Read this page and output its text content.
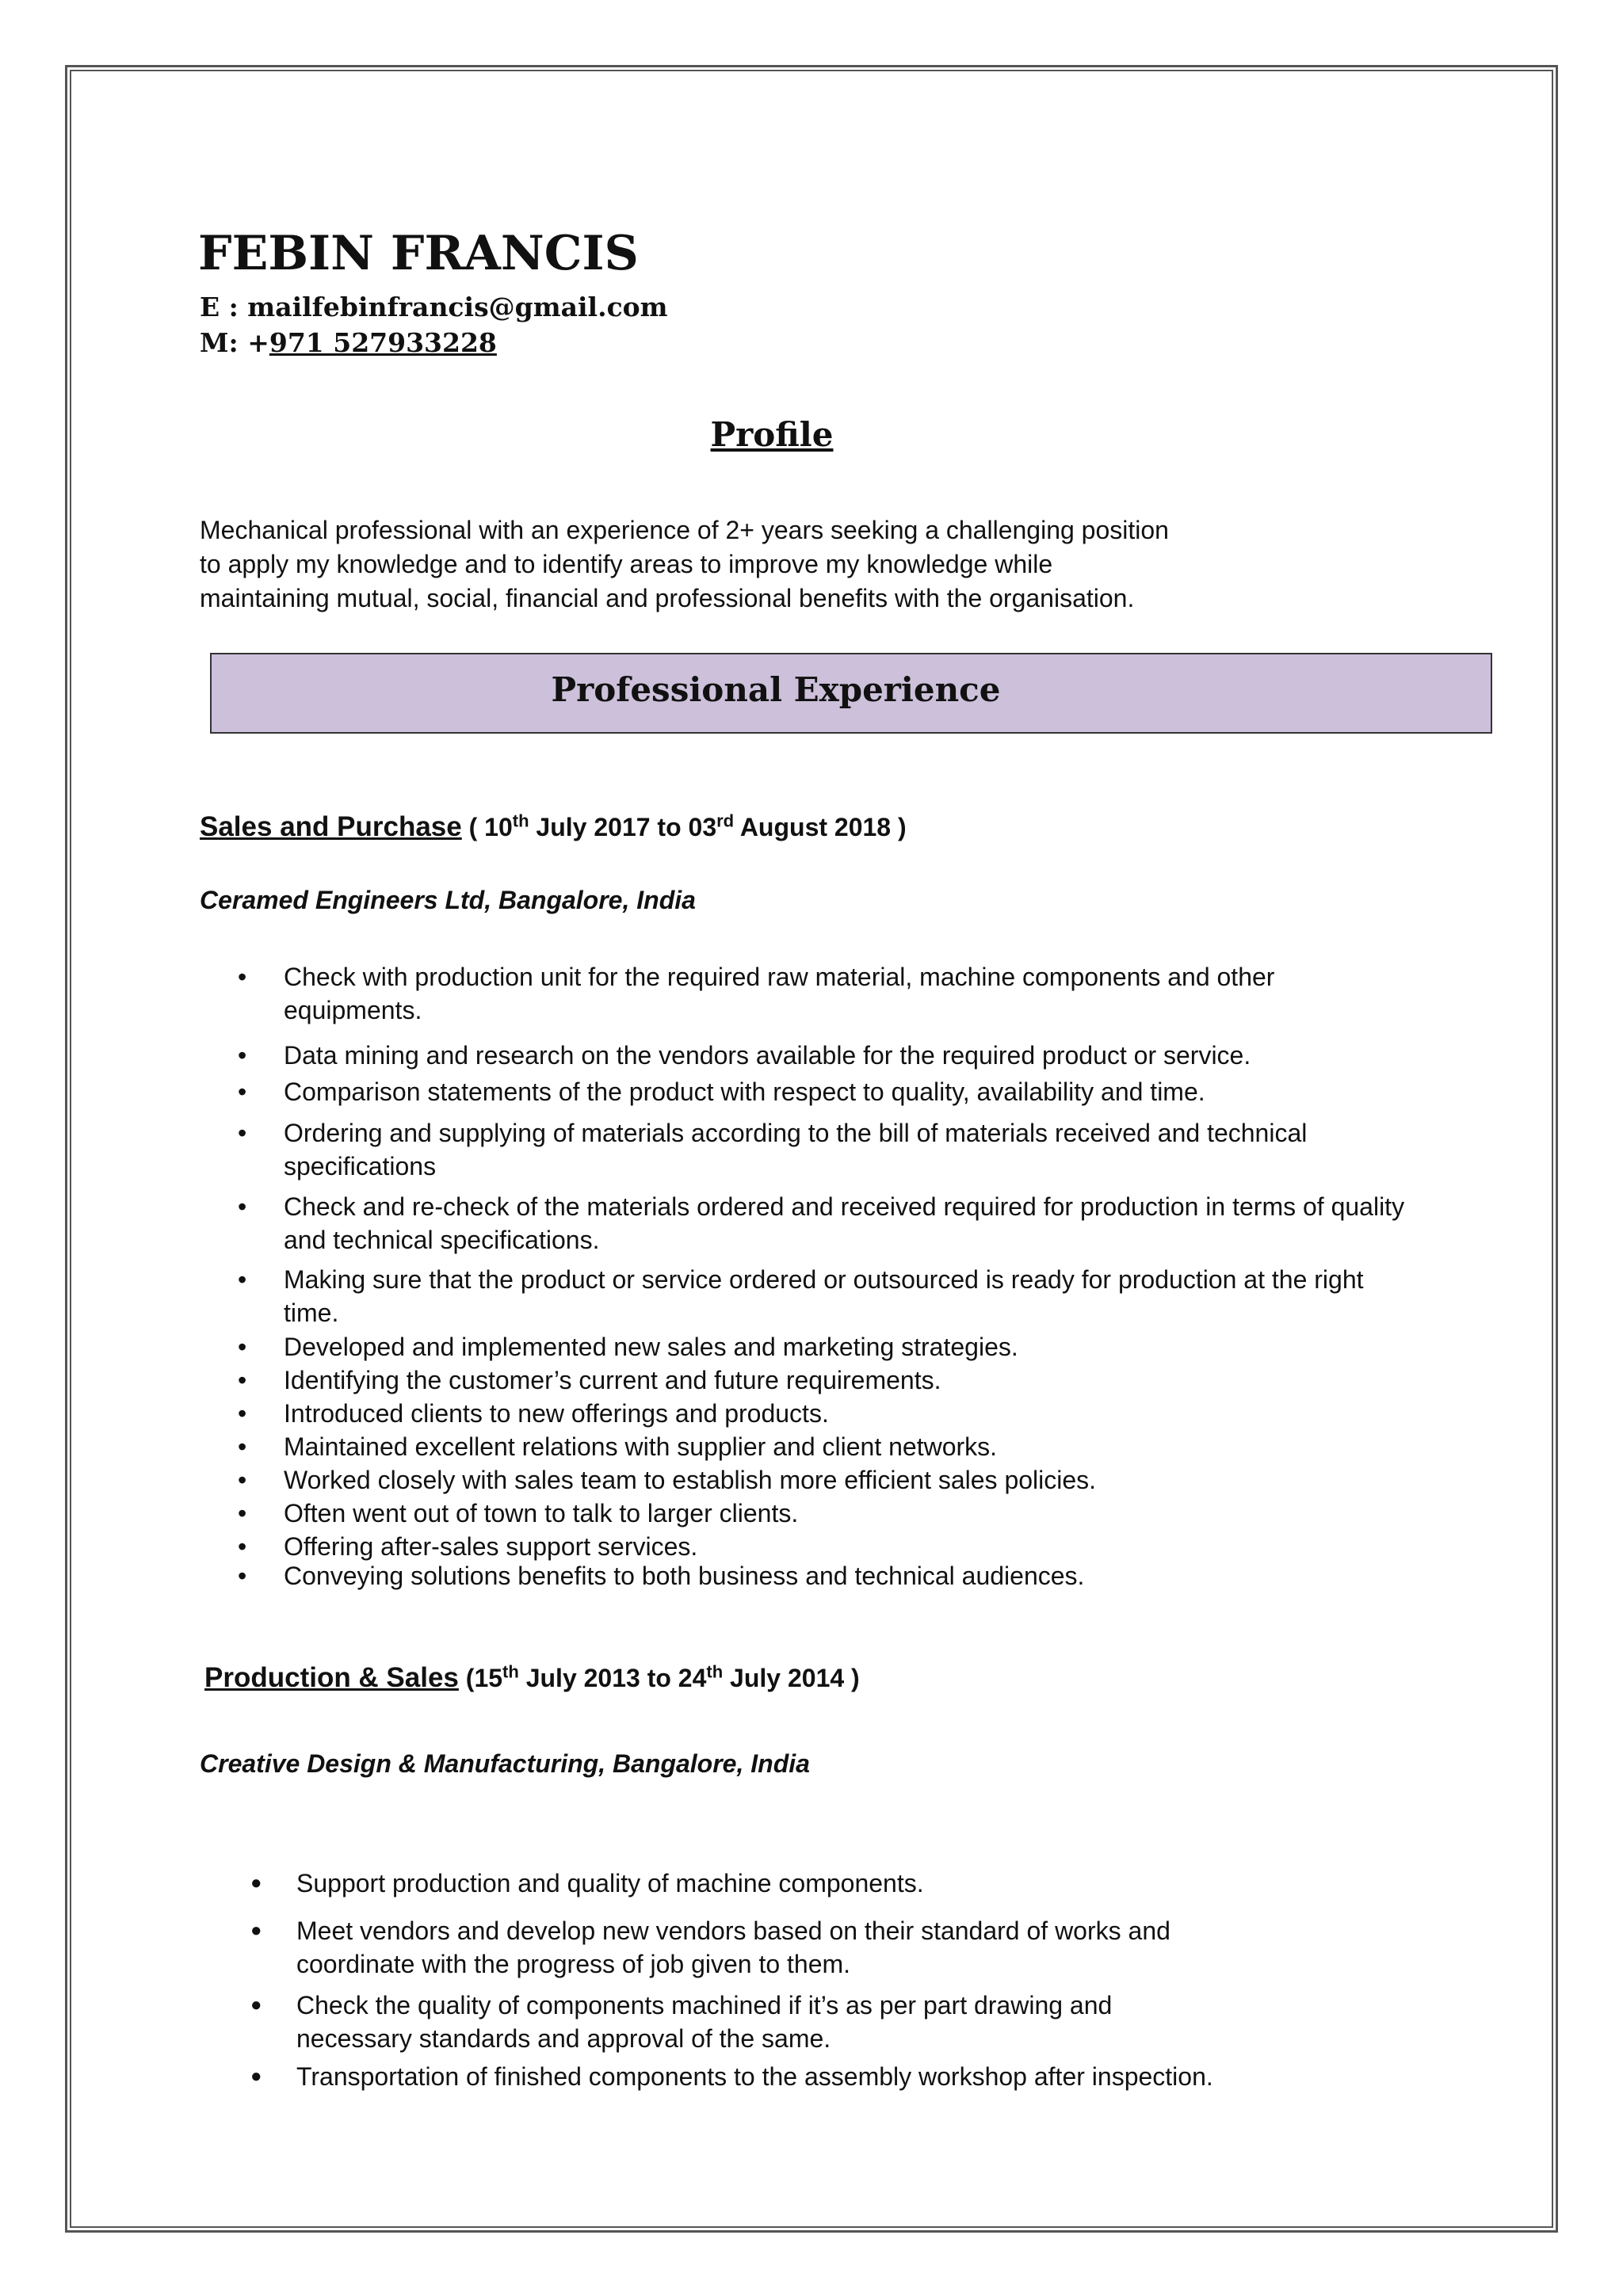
FEBIN FRANCIS
E : mailfebinfrancis@gmail.com
M: +971 527933228
Profile
Mechanical professional with an experience of 2+ years seeking a challenging position
to apply my knowledge and to identify areas to improve my knowledge while
maintaining mutual, social, financial and professional benefits with the organisation.
Professional Experience
Sales and Purchase ( 10th July 2017 to 03rd August 2018 )
Ceramed Engineers Ltd, Bangalore, India
• Check with production unit for the required raw material, machine components and other equipments.
• Data mining and research on the vendors available for the required product or service.
• Comparison statements of the product with respect to quality, availability and time.
• Ordering and supplying of materials according to the bill of materials received and technical specifications
• Check and re-check of the materials ordered and received required for production in terms of quality and technical specifications.
• Making sure that the product or service ordered or outsourced is ready for production at the right time.
• Developed and implemented new sales and marketing strategies.
• Identifying the customer’s current and future requirements.
• Introduced clients to new offerings and products.
• Maintained excellent relations with supplier and client networks.
• Worked closely with sales team to establish more efficient sales policies.
• Often went out of town to talk to larger clients.
• Offering after-sales support services.
• Conveying solutions benefits to both business and technical audiences.
Production & Sales (15th July 2013 to 24th July 2014 )
Creative Design & Manufacturing, Bangalore, India
● Support production and quality of machine components.
● Meet vendors and develop new vendors based on their standard of works and coordinate with the progress of job given to them.
● Check the quality of components machined if it’s as per part drawing and necessary standards and approval of the same.
● Transportation of finished components to the assembly workshop after inspection.
